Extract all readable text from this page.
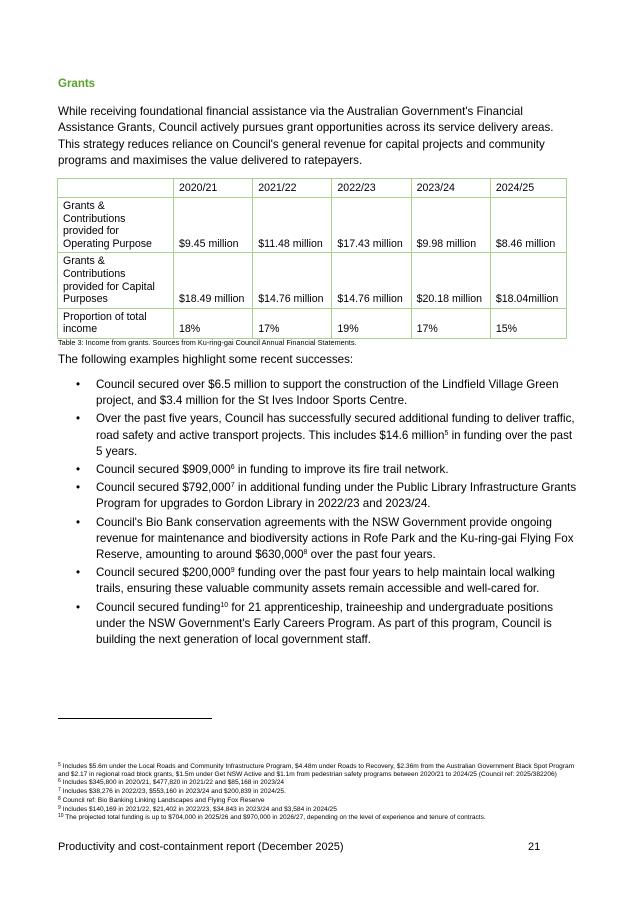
Grants
While receiving foundational financial assistance via the Australian Government's Financial Assistance Grants, Council actively pursues grant opportunities across its service delivery areas. This strategy reduces reliance on Council's general revenue for capital projects and community programs and maximises the value delivered to ratepayers.
	2020/21	2021/22	2022/23	2023/24	2024/25
Grants & Contributions provided for Operating Purpose	$9.45 million	$11.48 million	$17.43 million	$9.98 million	$8.46 million
Grants & Contributions provided for Capital Purposes	$18.49 million	$14.76 million	$14.76 million	$20.18 million	$18.04million
Proportion of total income	18%	17%	19%	17%	15%
Table 3: Income from grants. Sources from Ku-ring-gai Council Annual Financial Statements.
The following examples highlight some recent successes:
• Council secured over $6.5 million to support the construction of the Lindfield Village Green project, and $3.4 million for the St Ives Indoor Sports Centre.
• Over the past five years, Council has successfully secured additional funding to deliver traffic, road safety and active transport projects. This includes $14.6 million$^5$ in funding over the past 5 years.
• Council secured $909,000$^6$ in funding to improve its fire trail network.
• Council secured $792,000$^7$ in additional funding under the Public Library Infrastructure Grants Program for upgrades to Gordon Library in 2022/23 and 2023/24.
• Council's Bio Bank conservation agreements with the NSW Government provide ongoing revenue for maintenance and biodiversity actions in Rofe Park and the Ku-ring-gai Flying Fox Reserve, amounting to around $630,000$^8$ over the past four years.
• Council secured $200,000$^9$ funding over the past four years to help maintain local walking trails, ensuring these valuable community assets remain accessible and well-cared for.
• Council secured funding$^{10}$ for 21 apprenticeship, traineeship and undergraduate positions under the NSW Government's Early Careers Program. As part of this program, Council is building the next generation of local government staff.
$^5$ Includes $5.6m under the Local Roads and Community Infrastructure Program, $4.48m under Roads to Recovery, $2.36m from the Australian Government Black Spot Program and $2.17 in regional road block grants, $1.5m under Get NSW Active and $1.1m from pedestrian safety programs between 2020/21 to 2024/25 (Council ref: 2025/382206)
$^6$ Includes $345,800 in 2020/21, $477,820 in 2021/22 and $85,168 in 2023/24
$^7$ Includes $38,276 in 2022/23, $553,160 in 2023/24 and $200,839 in 2024/25.
$^8$ Council ref: Bio Banking Linking Landscapes and Flying Fox Reserve
$^9$ Includes $140,169 in 2021/22, $21,402 in 2022/23, $34,843 in 2023/24 and $3,584 in 2024/25
$^{10}$ The projected total funding is up to $704,000 in 2025/26 and $970,000 in 2026/27, depending on the level of experience and tenure of contracts.
Productivity and cost-containment report (December 2025)	21
